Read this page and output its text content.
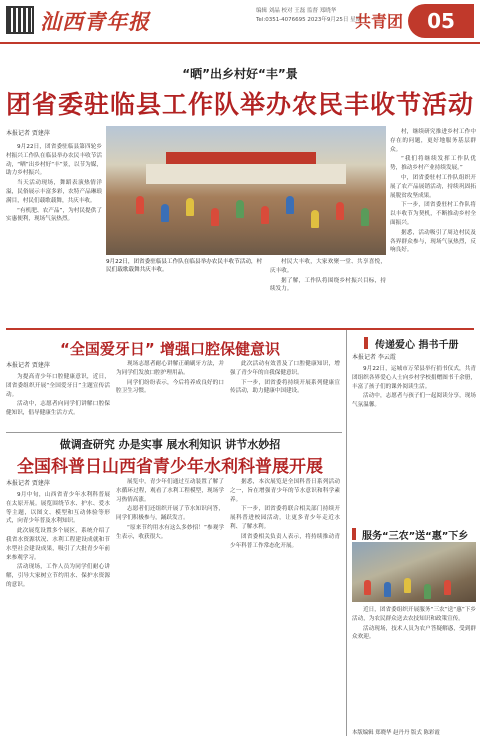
汕西青年报	编辑 刘晶 校对 王磊 监督 郑晓华
Tel:0351-4076695 2023年9月25日 星期一
共青团	05
“晒”出乡村好“丰”景
团省委驻临县工作队举办农民丰收节活动
本报记者 贾建萍

9月22日，团省委驻临县第四轮乡村振兴工作队在临县举办农民丰收节活动，“晒”出乡村好“丰”景，以节为媒，助力乡村振兴。

当天活动现场，舞蹈表演热情洋溢，民俗展示丰富多彩，农特产品琳琅满目，村民们载歌载舞，共庆丰收。

“有机肥、农产品”，为村民提供了实惠便利，现场气氛热烈。

9月22日，团省委驻临县工作队在临县举办农民丰收节活动，村民们载歌载舞共庆丰收。

村民大丰收，大家欢聚一堂、共享喜悦，庆丰收。

据了解，工作队将围绕乡村振兴目标，持续发力。

村，继续研究推进乡村工作中存在的问题，更好地服务基层群众。

“我们将继续发挥工作队优势，推动乡村产业持续发展。”

中，团省委驻村工作队组织开展了农产品展销活动，持续巩固拓展脱贫攻坚成果。

下一步，团省委驻村工作队将以丰收节为契机，不断推动乡村全面振兴。

据悉，活动吸引了周边村民及各界群众参与，现场气氛热烈，反响良好。

“全国爱牙日” 增强口腔保健意识
本报记者 贾建萍

为提高青少年口腔健康意识，近日，团省委组织开展“全国爱牙日”主题宣传活动。

活动中，志愿者向同学们讲解口腔保健知识，倡导健康生活方式。

现场志愿者耐心讲解正确刷牙方法，并为同学们发放口腔护理用品。

同学们纷纷表示，今后将养成良好的口腔卫生习惯。

此次活动有效普及了口腔健康知识，增强了青少年的自我保健意识。

下一步，团省委将持续开展系列健康宣传活动，助力健康中国建设。

做调查研究 办是实事 展水利知识 讲节水妙招
全国科普日山西省青少年水利科普展开展
本报记者 贾建萍

9月中旬，山西省青少年水利科普展在太原开展。展览围绕节水、护水、爱水等主题，以图文、模型和互动体验等形式，向青少年普及水利知识。

此次展览设置多个展区，系统介绍了我省水资源状况、水利工程建设成就和节水型社会建设成果，吸引了大批青少年前来参观学习。

活动现场，工作人员为同学们耐心讲解，引导大家树立节约用水、保护水资源的意识。

展览中，青少年们通过互动装置了解了水循环过程，观看了水利工程模型，现场学习热情高涨。

志愿者们还组织开展了节水知识问答，同学们积极参与，踊跃发言。

“原来节约用水有这么多妙招！”参观学生表示，收获很大。

据悉，本次展览是全国科普日系列活动之一，旨在增强青少年的节水意识和科学素养。

下一步，团省委将联合相关部门持续开展科普进校园活动，让更多青少年走近水利、了解水利。

团省委相关负责人表示，将持续推动青少年科普工作常态化开展。

传递爱心 捐书千册
本报记者 李云霞

9月22日，运城市万荣县举行捐书仪式，共青团组织各界爱心人士向乡村学校捐赠图书千余册，丰富了孩子们的课外阅读生活。

活动中，志愿者与孩子们一起阅读分享，现场气氛温馨。

服务“三农”送“惠”下乡

近日，团省委组织开展服务“三农”送“惠”下乡活动，为农民群众送去农技知识和政策宣传。

活动现场，技术人员为农户答疑解惑，受到群众欢迎。

本版编辑 郑晓华 赵丹丹 版式 陈彩霞
